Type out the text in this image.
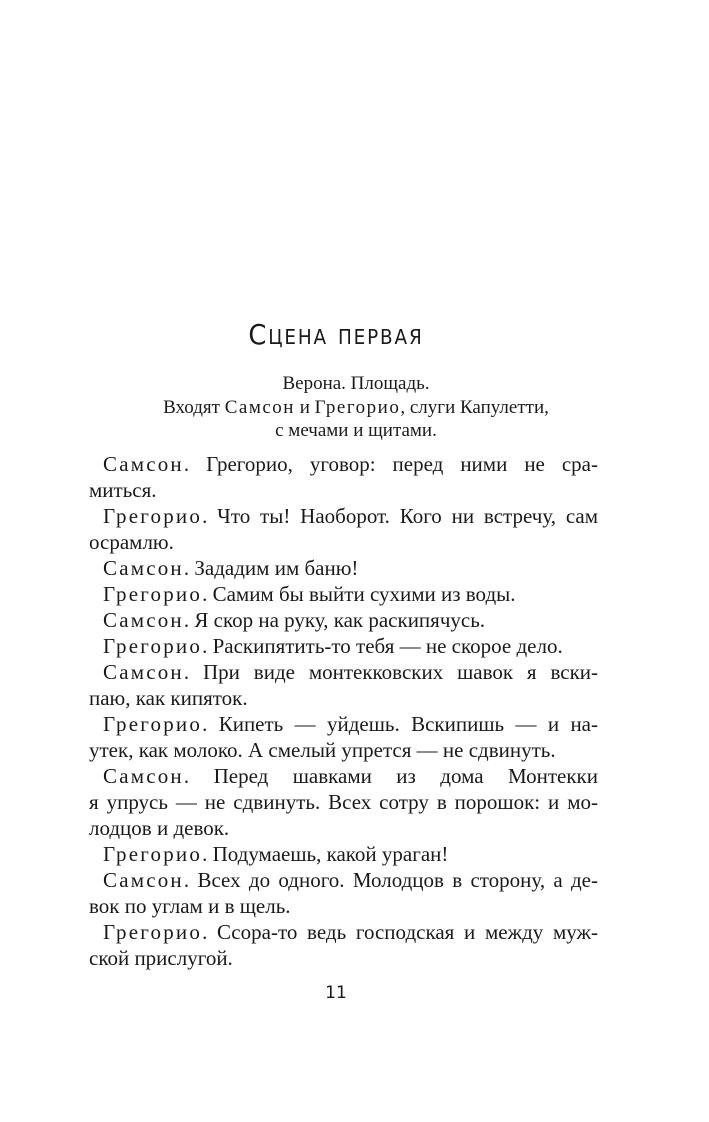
Сцена первая
Верона. Площадь.
Входят Самсон и Грегорио, слуги Капулетти,
с мечами и щитами.
Самсон. Грегорио, уговор: перед ними не сра-
миться.
Грегорио. Что ты! Наоборот. Кого ни встречу, сам
осрамлю.
Самсон. Зададим им баню!
Грегорио. Самим бы выйти сухими из воды.
Самсон. Я скор на руку, как раскипячусь.
Грегорио. Раскипятить-то тебя — не скорое дело.
Самсон. При виде монтекковских шавок я вски-
паю, как кипяток.
Грегорио. Кипеть — уйдешь. Вскипишь — и на-
утек, как молоко. А смелый упрется — не сдвинуть.
Самсон. Перед шавками из дома Монтекки
я упрусь — не сдвинуть. Всех сотру в порошок: и мо-
лодцов и девок.
Грегорио. Подумаешь, какой ураган!
Самсон. Всех до одного. Молодцов в сторону, а де-
вок по углам и в щель.
Грегорио. Ссора-то ведь господская и между муж-
ской прислугой.
11
